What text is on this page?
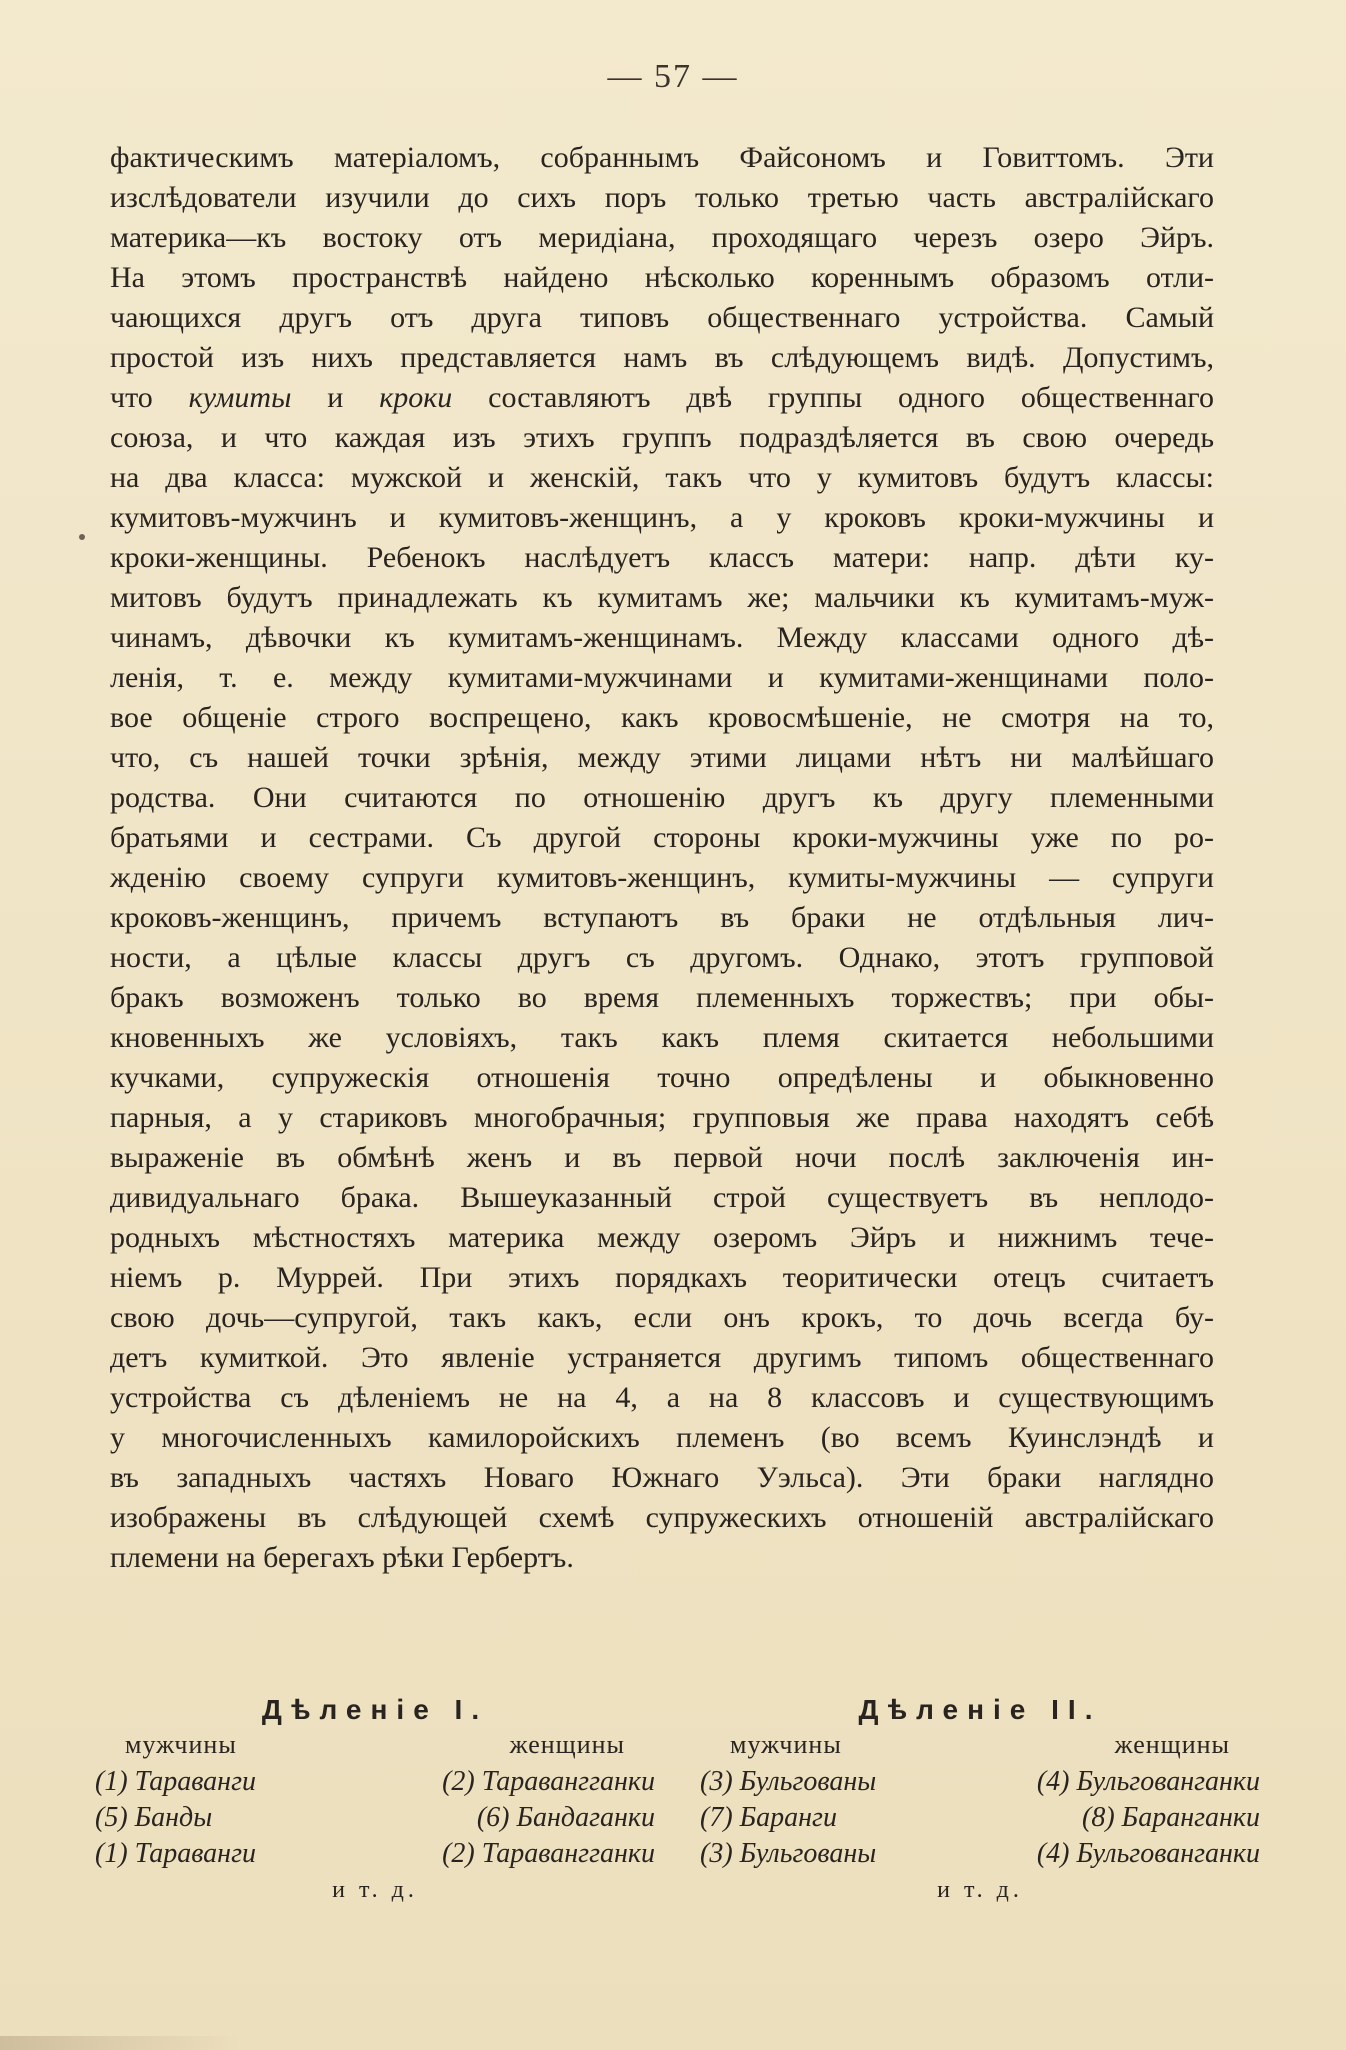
— 57 —
фактическимъ матеріаломъ, собраннымъ Файсономъ и Говиттомъ. Эти
изслѣдователи изучили до сихъ поръ только третью часть австралійскаго
материка—къ востоку отъ меридіана, проходящаго черезъ озеро Эйръ.
На этомъ пространствѣ найдено нѣсколько кореннымъ образомъ отли-
чающихся другъ отъ друга типовъ общественнаго устройства. Самый
простой изъ нихъ представляется намъ въ слѣдующемъ видѣ. Допустимъ,
что кумиты и кроки составляютъ двѣ группы одного общественнаго
союза, и что каждая изъ этихъ группъ подраздѣляется въ свою очередь
на два класса: мужской и женскій, такъ что у кумитовъ будутъ классы:
кумитовъ-мужчинъ и кумитовъ-женщинъ, а у кроковъ кроки-мужчины и
кроки-женщины. Ребенокъ наслѣдуетъ классъ матери: напр. дѣти ку-
митовъ будутъ принадлежать къ кумитамъ же; мальчики къ кумитамъ-муж-
чинамъ, дѣвочки къ кумитамъ-женщинамъ. Между классами одного дѣ-
ленія, т. е. между кумитами-мужчинами и кумитами-женщинами поло-
вое общеніе строго воспрещено, какъ кровосмѣшеніе, не смотря на то,
что, съ нашей точки зрѣнія, между этими лицами нѣтъ ни малѣйшаго
родства. Они считаются по отношенію другъ къ другу племенными
братьями и сестрами. Съ другой стороны кроки-мужчины уже по ро-
жденію своему супруги кумитовъ-женщинъ, кумиты-мужчины — супруги
кроковъ-женщинъ, причемъ вступаютъ въ браки не отдѣльныя лич-
ности, а цѣлые классы другъ съ другомъ. Однако, этотъ групповой
бракъ возможенъ только во время племенныхъ торжествъ; при обы-
кновенныхъ же условіяхъ, такъ какъ племя скитается небольшими
кучками, супружескія отношенія точно опредѣлены и обыкновенно
парныя, а у стариковъ многобрачныя; групповыя же права находятъ себѣ
выраженіе въ обмѣнѣ женъ и въ первой ночи послѣ заключенія ин-
дивидуальнаго брака. Вышеуказанный строй существуетъ въ неплодо-
родныхъ мѣстностяхъ материка между озеромъ Эйръ и нижнимъ тече-
ніемъ р. Муррей. При этихъ порядкахъ теоритически отецъ считаетъ
свою дочь—супругой, такъ какъ, если онъ крокъ, то дочь всегда бу-
детъ кумиткой. Это явленіе устраняется другимъ типомъ общественнаго
устройства съ дѣленіемъ не на 4, а на 8 классовъ и существующимъ
у многочисленныхъ камилоройскихъ племенъ (во всемъ Куинслэндѣ и
въ западныхъ частяхъ Новаго Южнаго Уэльса). Эти браки наглядно
изображены въ слѣдующей схемѣ супружескихъ отношеній австралійскаго
племени на берегахъ рѣки Гербертъ.
Дѣленіе I.
мужчины	женщины
(1) Тараванги	(2) Таравангганки
(5) Банды	(6) Бандаганки
(1) Тараванги	(2) Таравангганки
и т. д.
Дѣленіе II.
мужчины	женщины
(3) Бульгованы	(4) Бульгованганки
(7) Баранги	(8) Баранганки
(3) Бульгованы	(4) Бульгованганки
и т. д.
